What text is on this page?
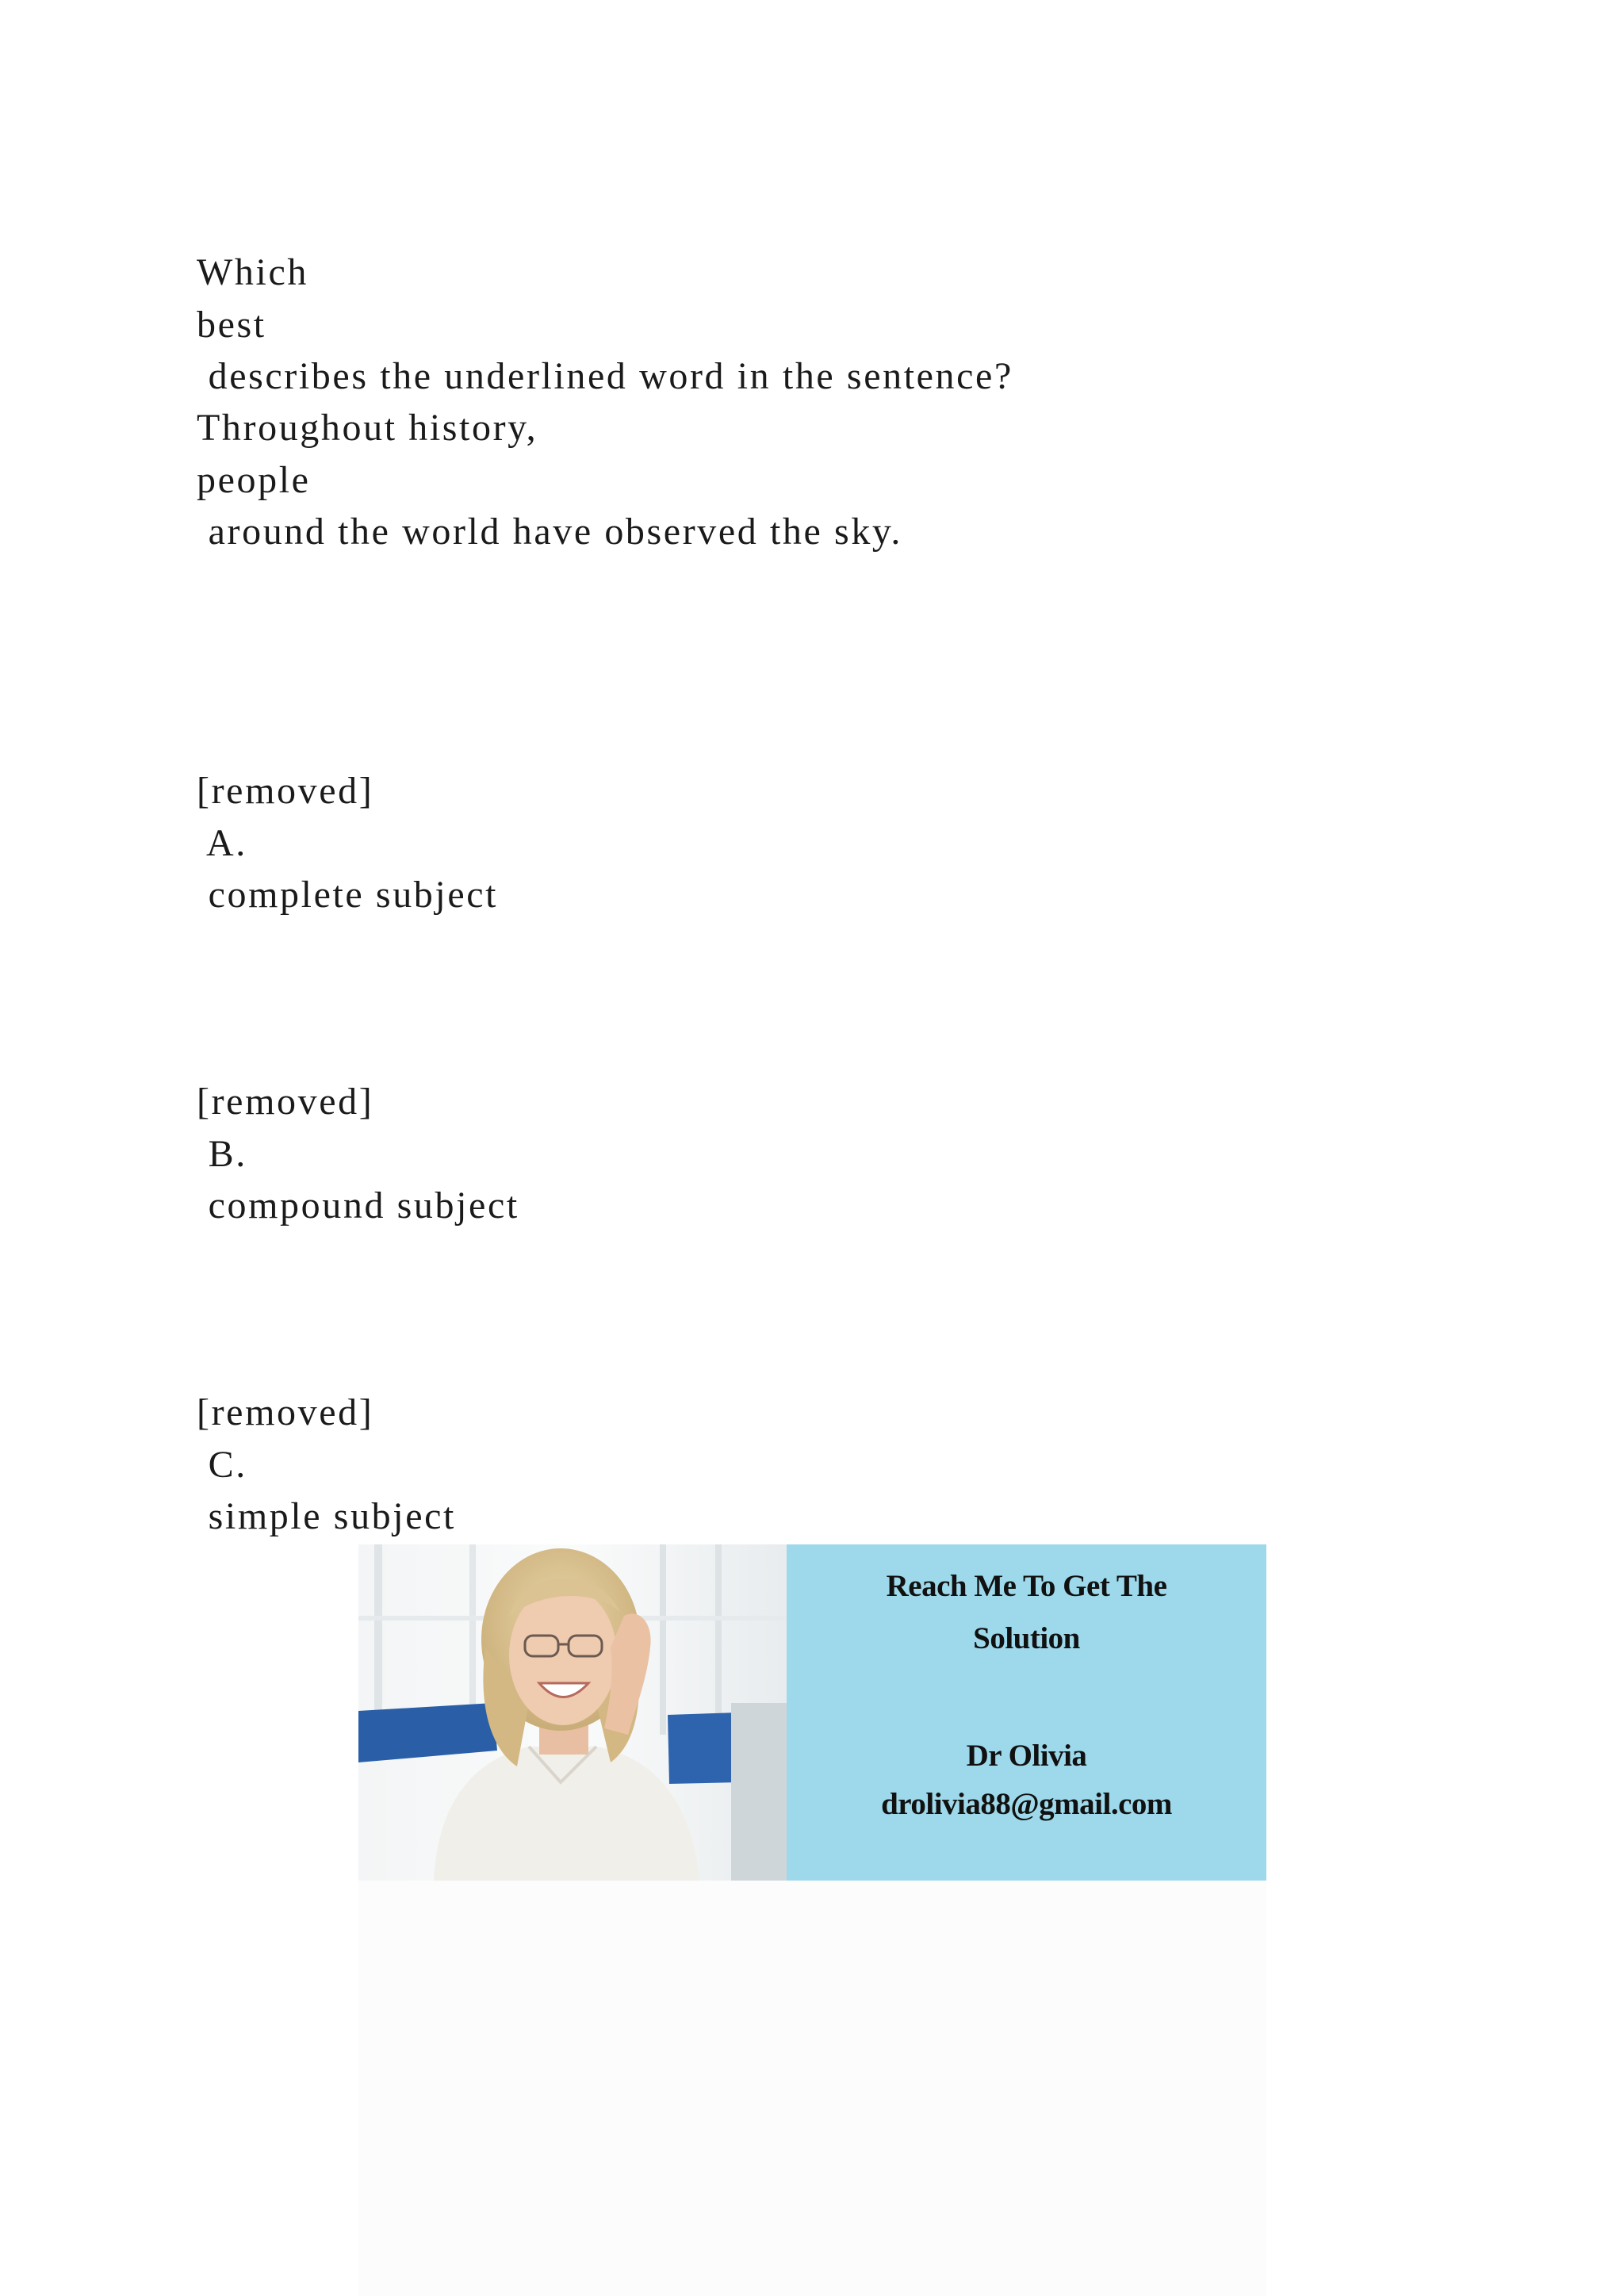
Which
best
describes the underlined word in the sentence?
Throughout history,
people
around the world have observed the sky.
[removed]
A.
complete subject
[removed]
B.
compound subject
[removed]
C.
simple subject
Reach Me To Get The
Solution
Dr Olivia
drolivia88@gmail.com
